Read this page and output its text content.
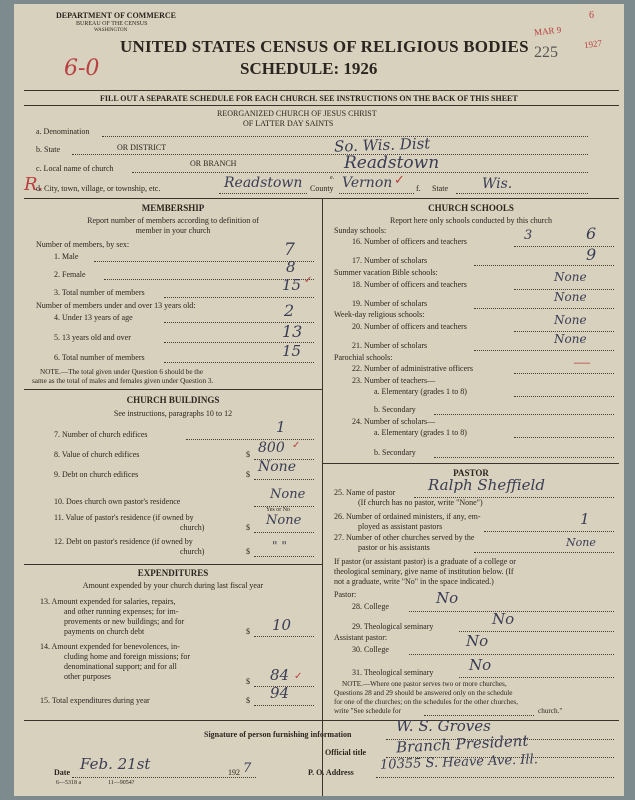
DEPARTMENT OF COMMERCE
BUREAU OF THE CENSUS
WASHINGTON
UNITED STATES CENSUS OF RELIGIOUS BODIES
SCHEDULE: 1926
6
MAR 9
1927
225
6-0
FILL OUT A SEPARATE SCHEDULE FOR EACH CHURCH. SEE INSTRUCTIONS ON THE BACK OF THIS SHEET
REORGANIZED CHURCH OF JESUS CHRIST
OF LATTER DAY SAINTS
a. Denomination
b. State	OR DISTRICT	So. Wis. Dist
c. Local name of church
OR BRANCH	Readstown
R.
d. City, town, village, or township, etc.	Readstown County Vernon ✓
e.
f. State Wis.
MEMBERSHIP
Report number of members according to definition of
member in your church
Number of members, by sex:
1. Male	7
2. Female	8
3. Total number of members	15
Number of members under and over 13 years old:
4. Under 13 years of age	2
5. 13 years old and over	13
6. Total number of members	15
NOTE.—The total given under Question 6 should be the
same as the total of males and females given under Question 3.
CHURCH BUILDINGS
See instructions, paragraphs 10 to 12
7. Number of church edifices	1
8. Value of church edifices	$ 800
9. Debt on church edifices	$ None
10. Does church own pastor's residence	None
Yes or No
11. Value of pastor's residence (if owned by
church)	$ None
12. Debt on pastor's residence (if owned by
church)	$ " "
EXPENDITURES
Amount expended by your church during last fiscal year
13. Amount expended for salaries, repairs,
and other running expenses; for im-
provements or new buildings; and for
payments on church debt	$ 10
14. Amount expended for benevolences, in-
cluding home and foreign missions; for
denominational support; and for all
other purposes
$ 84
15. Total expenditures during year	$ 94
CHURCH SCHOOLS
Report here only schools conducted by this church
Sunday schools:
16. Number of officers and teachers	3	6
17. Number of scholars	9
Summer vacation Bible schools:
18. Number of officers and teachers
None
19. Number of scholars	None
Week-day religious schools:
20. Number of officers and teachers	None
21. Number of scholars	None
Parochial schools:
22. Number of administrative officers	—
23. Number of teachers—
a. Elementary (grades 1 to 8)
b. Secondary
24. Number of scholars—
a. Elementary (grades 1 to 8)
b. Secondary
PASTOR
25. Name of pastor Ralph Sheffield
(If church has no pastor, write "None")
26. Number of ordained ministers, if any, em-
ployed as assistant pastors	1
27. Number of other churches served by the
pastor or his assistants	None
If pastor (or assistant pastor) is a graduate of a college or
theological seminary, give name of institution below. (If
not a graduate, write "No" in the space indicated.)
Pastor:
28. College	No
29. Theological seminary	No
Assistant pastor:
30. College	No
31. Theological seminary No
NOTE.—Where one pastor serves two or more churches,
Questions 28 and 29 should be answered only on the schedule
for one of the churches; on the schedules for the other churches,
write "See schedule for	church."
Signature of person furnishing information	W. S. Groves
Official title Branch President
Date Feb. 21st	192 7	P. O. Address 10355 S. Heave Ave. Ill.
6—5318 a	11—9054?
✓
✓
✓
